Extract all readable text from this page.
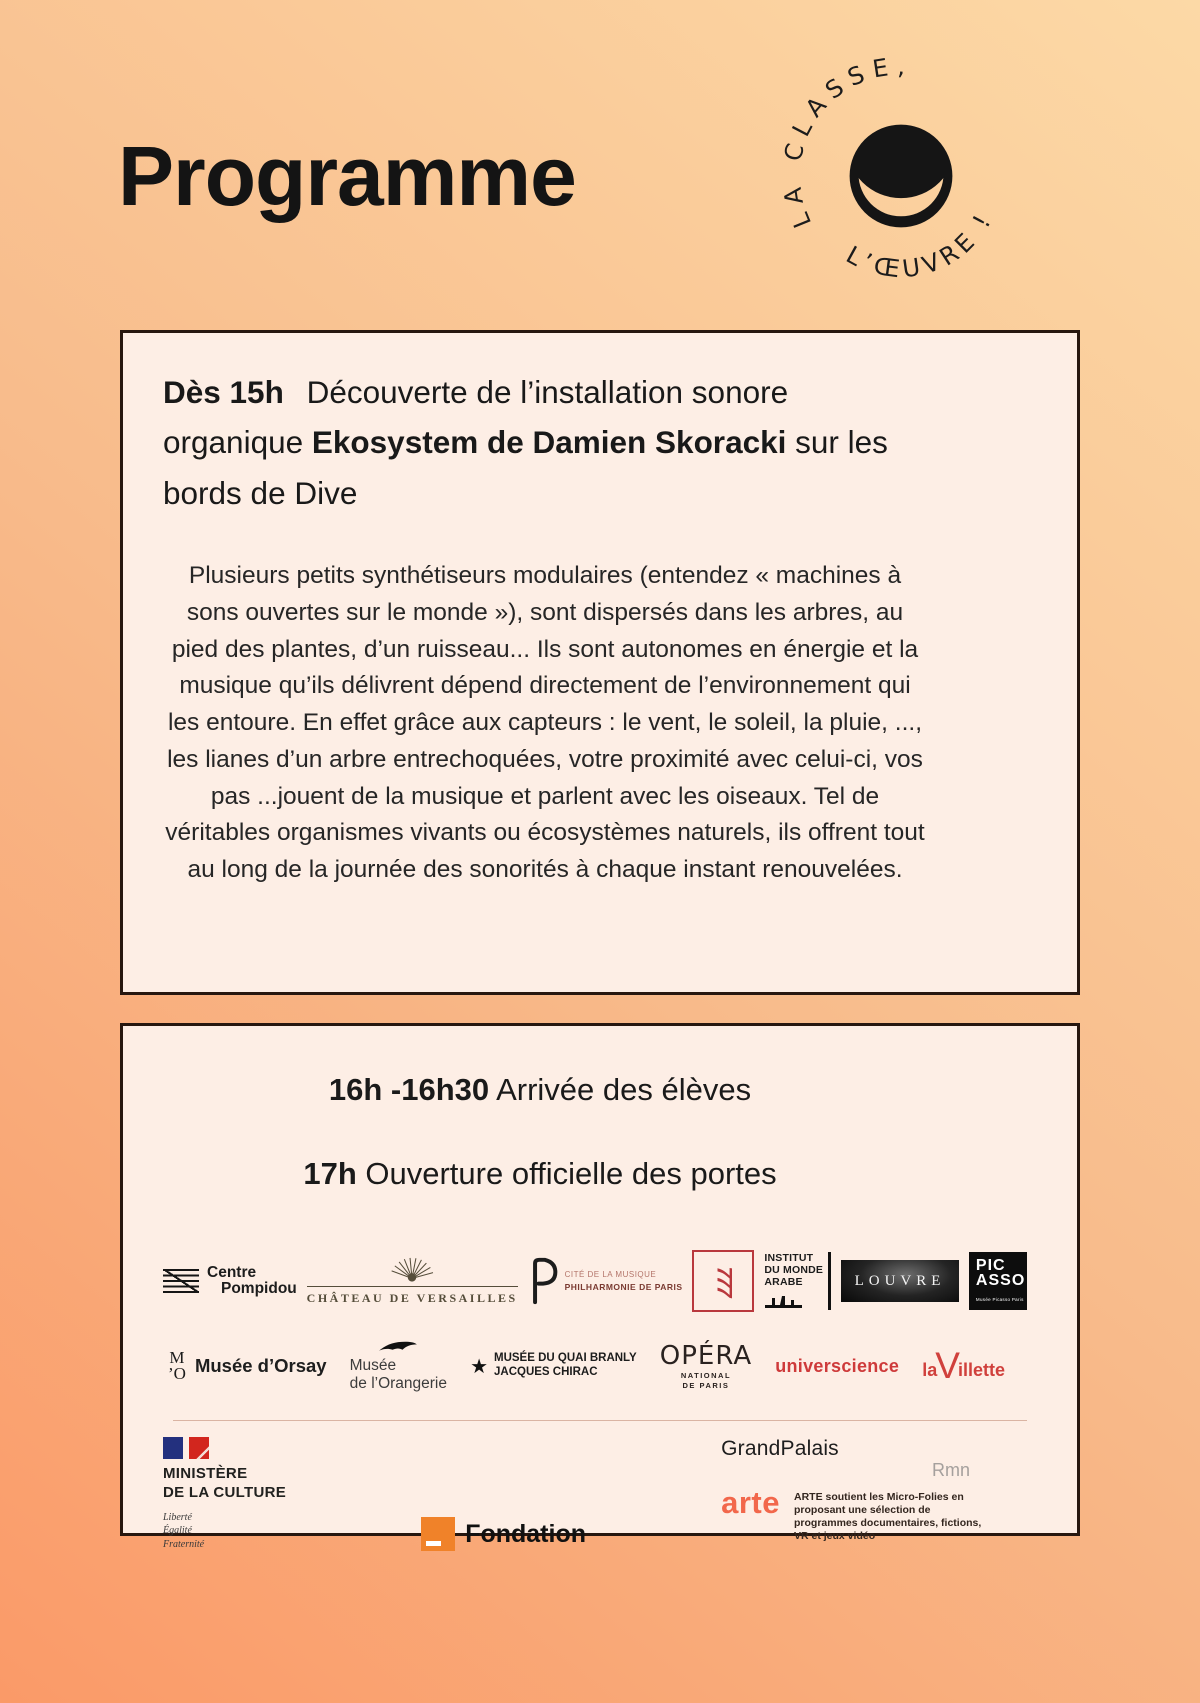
Programme	LA CLASSE,
L’ŒUVRE !
Dès 15h Découverte de l’installation sonore organique Ekosystem de Damien Skoracki sur les bords de Dive
Plusieurs petits synthétiseurs modulaires (entendez « machines à sons ouvertes sur le monde »), sont dispersés dans les arbres, au pied des plantes, d’un ruisseau... Ils sont autonomes en énergie et la musique qu’ils délivrent dépend directement de l’environnement qui les entoure. En effet grâce aux capteurs : le vent, le soleil, la pluie, ..., les lianes d’un arbre entrechoquées, votre proximité avec celui-ci, vos pas ...jouent de la musique et parlent avec les oiseaux. Tel de véritables organismes vivants ou écosystèmes naturels, ils offrent tout au long de la journée des sonorités à chaque instant renouvelées.
16h -16h30 Arrivée des élèves
17h Ouverture officielle des portes
Centre
Pompidou
CHÂTEAU DE VERSAILLES
CITÉ DE LA MUSIQUE
PHILHARMONIE DE PARIS 777
INSTITUT
DU MONDE
ARABE	LOUVRE
PIC
ASSO
Musée Picasso Paris
M
’O Musée d’Orsay Musée
de l’Orangerie
★ MUSÉE DU QUAI BRANLY
JACQUES CHIRAC
OPÉRA
NATIONAL
DE PARIS
universcience la
V
illette
MINISTÈRE
DE LA CULTURE
Liberté
Égalité
Fraternité	Fondation
GrandPalais
Rmn
arte ARTE soutient les Micro-Folies en proposant une sélection de programmes documentaires, fictions, VR et jeux vidéo
